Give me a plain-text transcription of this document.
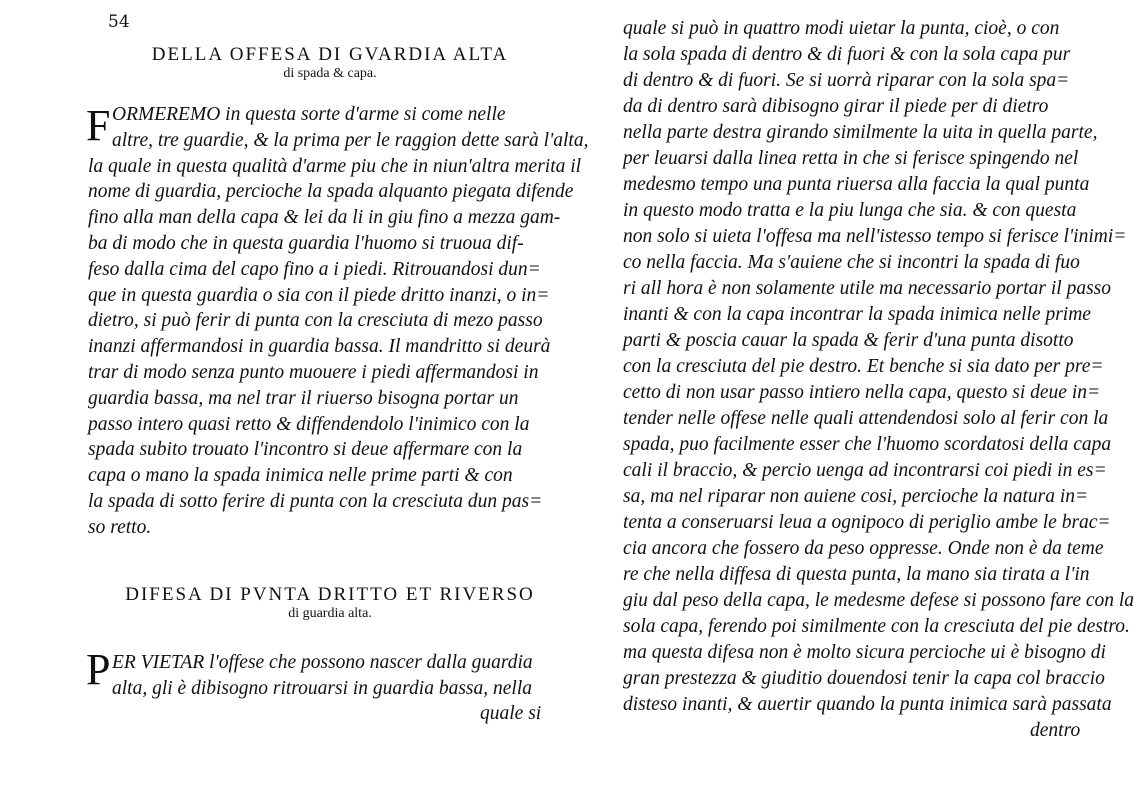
54
DELLA OFFESA DI GVARDIA ALTA
di spada & capa.
F ORMEREMO in questa sorte d'arme si come nelle
altre, tre guardie, & la prima per le raggion dette sarà l'alta,
la quale in questa qualità d'arme piu che in niun'altra merita il
nome di guardia, percioche la spada alquanto piegata difende
fino alla man della capa & lei da li in giu fino a mezza gam-
ba di modo che in questa guardia l'huomo si truoua dif-
feso dalla cima del capo fino a i piedi. Ritrouandosi dun=
que in questa guardia o sia con il piede dritto inanzi, o in=
dietro, si può ferir di punta con la cresciuta di mezo passo
inanzi affermandosi in guardia bassa. Il mandritto si deurà
trar di modo senza punto muouere i piedi affermandosi in
guardia bassa, ma nel trar il riuerso bisogna portar un
passo intero quasi retto & diffendendolo l'inimico con la
spada subito trouato l'incontro si deue affermare con la
capa o mano la spada inimica nelle prime parti & con
la spada di sotto ferire di punta con la cresciuta dun pas=
so retto.
DIFESA DI PVNTA DRITTO ET RIVERSO
di guardia alta.
P ER VIETAR l'offese che possono nascer dalla guardia
alta, gli è dibisogno ritrouarsi in guardia bassa, nella
quale si
quale si può in quattro modi uietar la punta, cioè, o con
la sola spada di dentro & di fuori & con la sola capa pur
di dentro & di fuori. Se si uorrà riparar con la sola spa=
da di dentro sarà dibisogno girar il piede per di dietro
nella parte destra girando similmente la uita in quella parte,
per leuarsi dalla linea retta in che si ferisce spingendo nel
medesmo tempo una punta riuersa alla faccia la qual punta
in questo modo tratta e la piu lunga che sia. & con questa
non solo si uieta l'offesa ma nell'istesso tempo si ferisce l'inimi=
co nella faccia. Ma s'auiene che si incontri la spada di fuo
ri all hora è non solamente utile ma necessario portar il passo
inanti & con la capa incontrar la spada inimica nelle prime
parti & poscia cauar la spada & ferir d'una punta disotto
con la cresciuta del pie destro. Et benche si sia dato per pre=
cetto di non usar passo intiero nella capa, questo si deue in=
tender nelle offese nelle quali attendendosi solo al ferir con la
spada, puo facilmente esser che l'huomo scordatosi della capa
cali il braccio, & percio uenga ad incontrarsi coi piedi in es=
sa, ma nel riparar non auiene cosi, percioche la natura in=
tenta a conseruarsi leua a ognipoco di periglio ambe le brac=
cia ancora che fossero da peso oppresse. Onde non è da teme
re che nella diffesa di questa punta, la mano sia tirata a l'in
giu dal peso della capa, le medesme defese si possono fare con la
sola capa, ferendo poi similmente con la cresciuta del pie destro.
ma questa difesa non è molto sicura percioche ui è bisogno di
gran prestezza & giuditio douendosi tenir la capa col braccio
disteso inanti, & auertir quando la punta inimica sarà passata
dentro
